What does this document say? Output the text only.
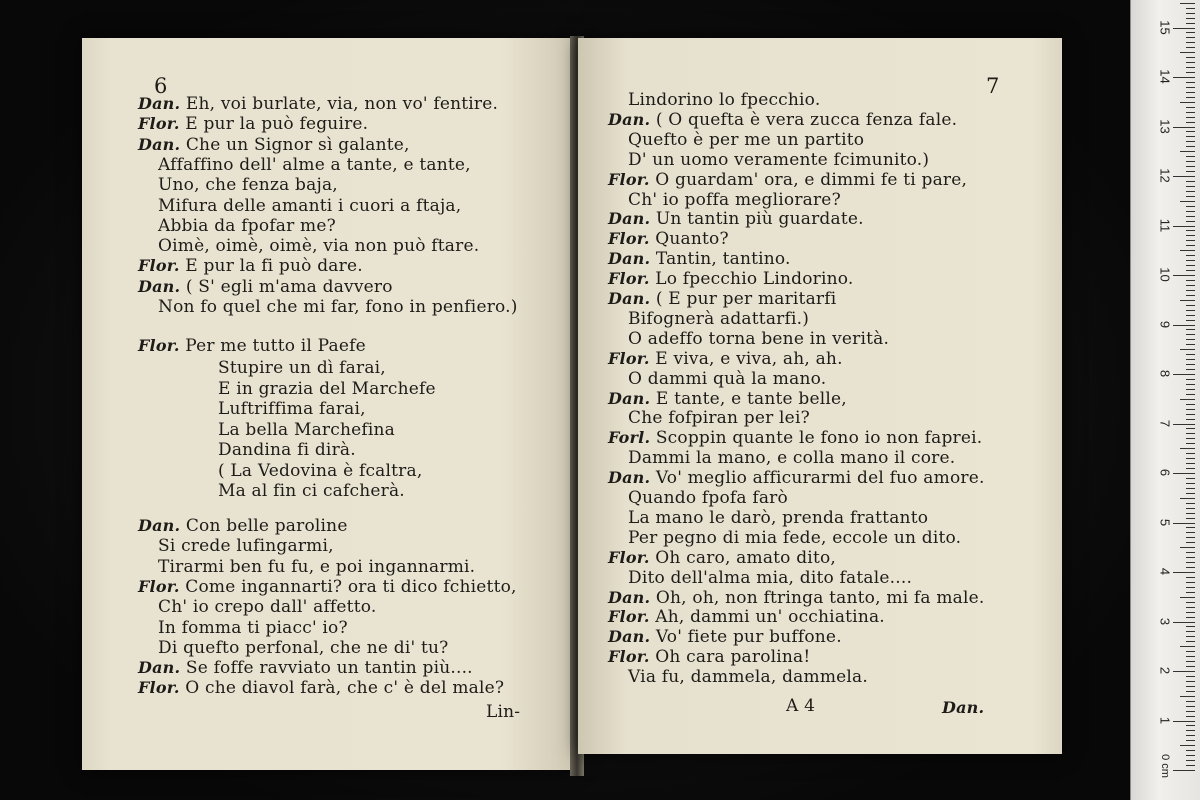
6
Dan. Eh, voi burlate, via, non vo' fentire.
Flor. E pur la può feguire.
Dan. Che un Signor sì galante,
Affaffino dell' alme a tante, e tante,
Uno, che fenza baja,
Mifura delle amanti i cuori a ftaja,
Abbia da fpofar me?
Oimè, oimè, oimè, via non può ftare.
Flor. E pur la fi può dare.
Dan. ( S' egli m'ama davvero
Non fo quel che mi far, fono in penfiero.)
Flor. Per me tutto il Paefe
Stupire un dì farai,
E in grazia del Marchefe
Luftriffima farai,
La bella Marchefina
Dandina fi dirà.
( La Vedovina è fcaltra,
Ma al fin ci cafcherà.
Dan. Con belle paroline
Si crede lufingarmi,
Tirarmi ben fu fu, e poi ingannarmi.
Flor. Come ingannarti? ora ti dico fchietto,
Ch' io crepo dall' affetto.
In fomma ti piacc' io?
Di quefto perfonal, che ne di' tu?
Dan. Se foffe ravviato un tantin più....
Flor. O che diavol farà, che c' è del male?
Lin-
7
Lindorino lo fpecchio.
Dan. ( O quefta è vera zucca fenza fale.
Quefto è per me un partito
D' un uomo veramente fcimunito.)
Flor. O guardam' ora, e dimmi fe ti pare,
Ch' io poffa megliorare?
Dan. Un tantin più guardate.
Flor. Quanto?
Dan. Tantin, tantino.
Flor. Lo fpecchio Lindorino.
Dan. ( E pur per maritarfi
Bifognerà adattarfi.)
O adeffo torna bene in verità.
Flor. E viva, e viva, ah, ah.
O dammi quà la mano.
Dan. E tante, e tante belle,
Che fofpiran per lei?
Forl. Scoppin quante le fono io non faprei.
Dammi la mano, e colla mano il core.
Dan. Vo' meglio afficurarmi del fuo amore.
Quando fpofa farò
La mano le darò, prenda frattanto
Per pegno di mia fede, eccole un dito.
Flor. Oh caro, amato dito,
Dito dell'alma mia, dito fatale....
Dan. Oh, oh, non ftringa tanto, mi fa male.
Flor. Ah, dammi un' occhiatina.
Dan. Vo' fiete pur buffone.
Flor. Oh cara parolina!
Via fu, dammela, dammela.
A 4	Dan.
0 cm
1
2
3
4
5
6
7
8
9
10
11
12
13
14
15
